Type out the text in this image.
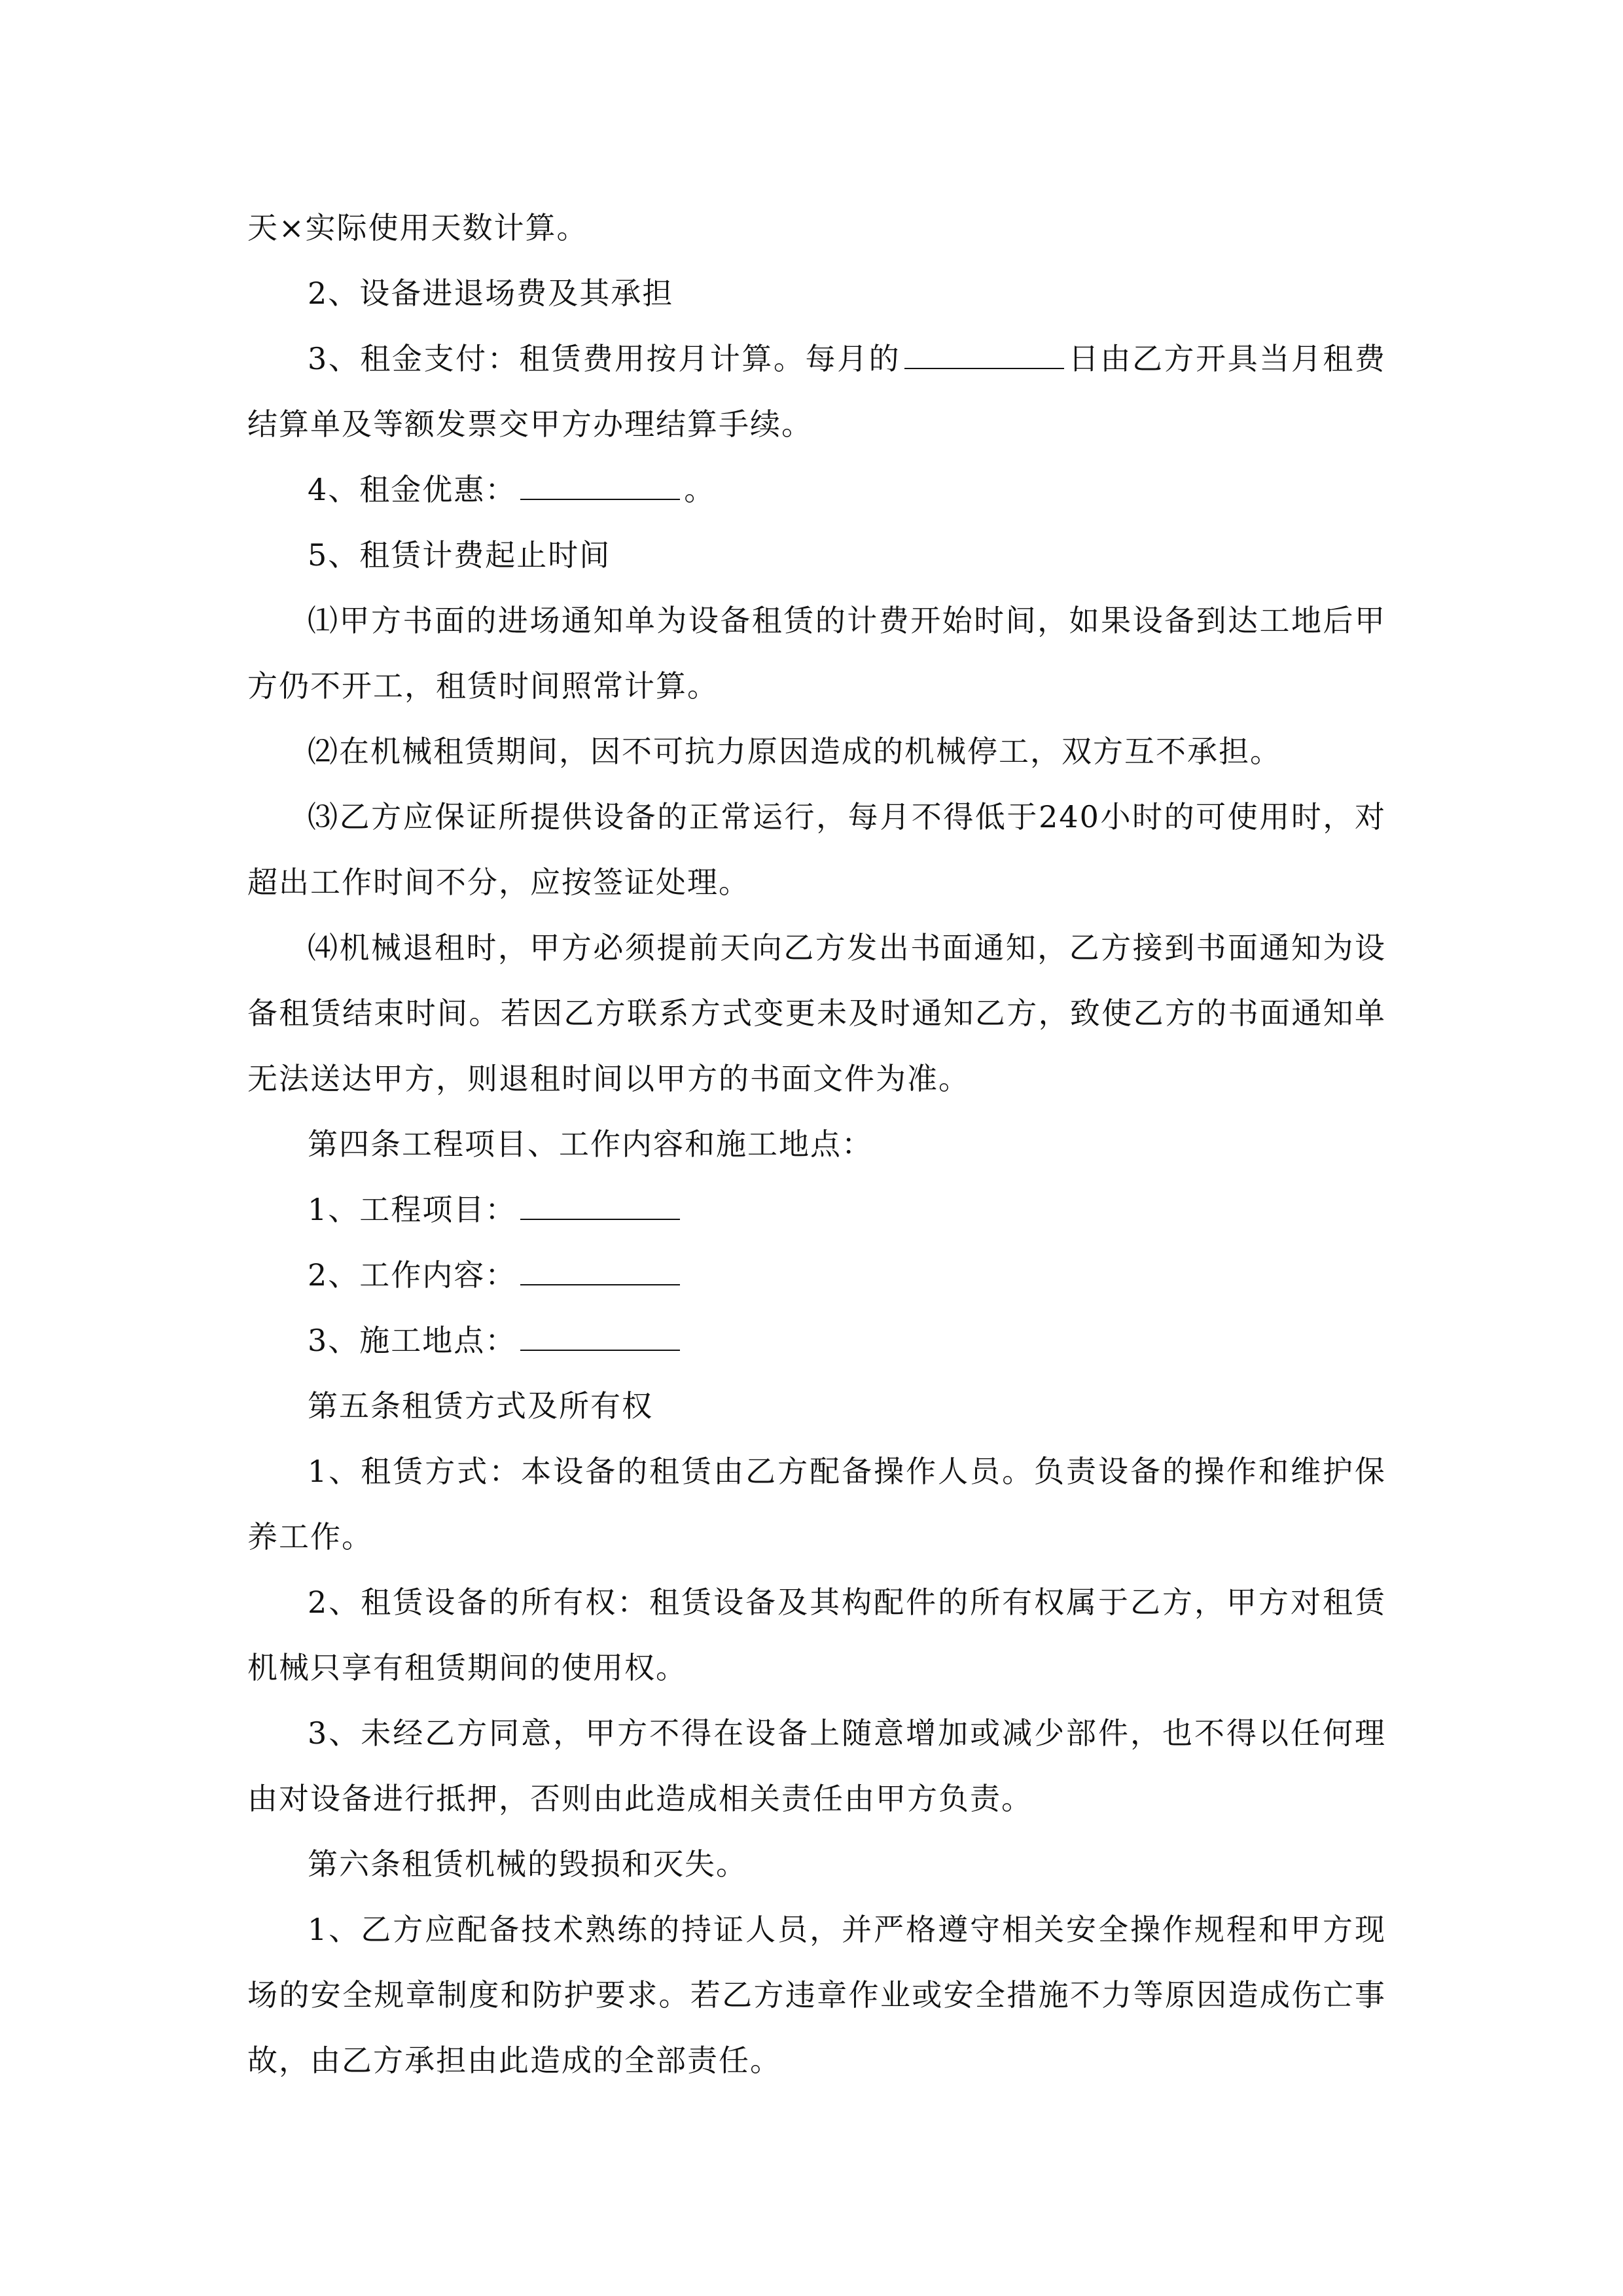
天×实际使用天数计算。

2、设备进退场费及其承担

3、租金支付：租赁费用按月计算。每月的	日由乙方开具当月租费结算单及等额发票交甲方办理结算手续。

4、租金优惠：	。

5、租赁计费起止时间

⑴甲方书面的进场通知单为设备租赁的计费开始时间，如果设备到达工地后甲方仍不开工，租赁时间照常计算。

⑵在机械租赁期间，因不可抗力原因造成的机械停工，双方互不承担。

⑶乙方应保证所提供设备的正常运行，每月不得低于240小时的可使用时，对超出工作时间不分，应按签证处理。

⑷机械退租时，甲方必须提前天向乙方发出书面通知，乙方接到书面通知为设备租赁结束时间。若因乙方联系方式变更未及时通知乙方，致使乙方的书面通知单无法送达甲方，则退租时间以甲方的书面文件为准。

第四条工程项目、工作内容和施工地点：

1、工程项目：

2、工作内容：

3、施工地点：

第五条租赁方式及所有权

1、租赁方式：本设备的租赁由乙方配备操作人员。负责设备的操作和维护保养工作。

2、租赁设备的所有权：租赁设备及其构配件的所有权属于乙方，甲方对租赁机械只享有租赁期间的使用权。

3、未经乙方同意，甲方不得在设备上随意增加或减少部件，也不得以任何理由对设备进行抵押，否则由此造成相关责任由甲方负责。

第六条租赁机械的毁损和灭失。

1、乙方应配备技术熟练的持证人员，并严格遵守相关安全操作规程和甲方现场的安全规章制度和防护要求。若乙方违章作业或安全措施不力等原因造成伤亡事故，由乙方承担由此造成的全部责任。
